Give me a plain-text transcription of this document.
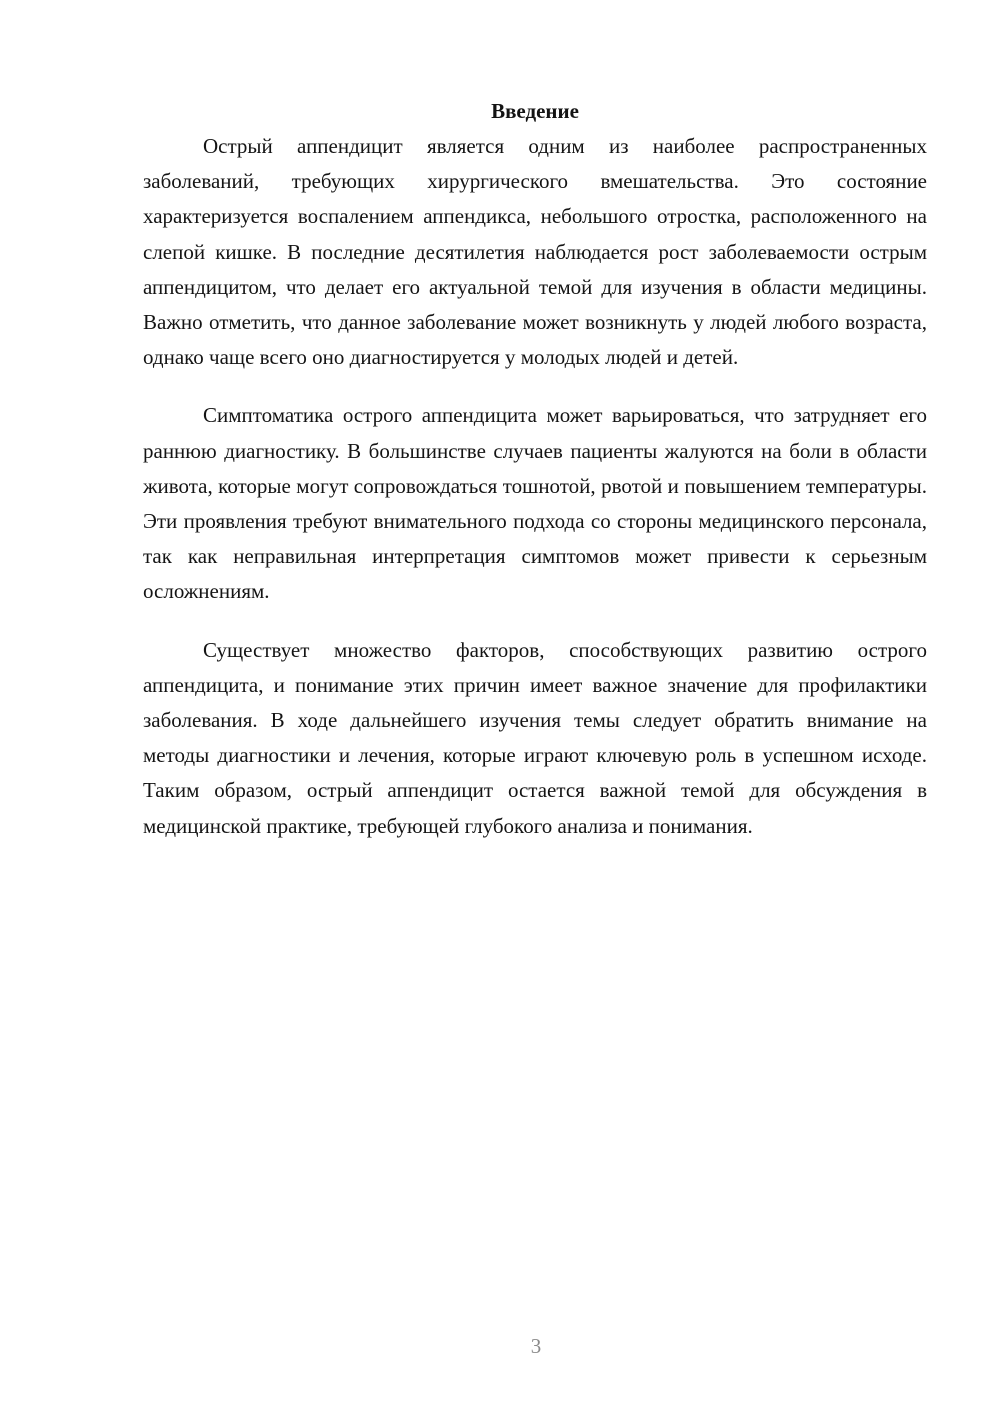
Введение

Острый аппендицит является одним из наиболее распространенных заболеваний, требующих хирургического вмешательства. Это состояние характеризуется воспалением аппендикса, небольшого отростка, расположенного на слепой кишке. В последние десятилетия наблюдается рост заболеваемости острым аппендицитом, что делает его актуальной темой для изучения в области медицины. Важно отметить, что данное заболевание может возникнуть у людей любого возраста, однако чаще всего оно диагностируется у молодых людей и детей.

Симптоматика острого аппендицита может варьироваться, что затрудняет его раннюю диагностику. В большинстве случаев пациенты жалуются на боли в области живота, которые могут сопровождаться тошнотой, рвотой и повышением температуры. Эти проявления требуют внимательного подхода со стороны медицинского персонала, так как неправильная интерпретация симптомов может привести к серьезным осложнениям.

Существует множество факторов, способствующих развитию острого аппендицита, и понимание этих причин имеет важное значение для профилактики заболевания. В ходе дальнейшего изучения темы следует обратить внимание на методы диагностики и лечения, которые играют ключевую роль в успешном исходе. Таким образом, острый аппендицит остается важной темой для обсуждения в медицинской практике, требующей глубокого анализа и понимания.

3
